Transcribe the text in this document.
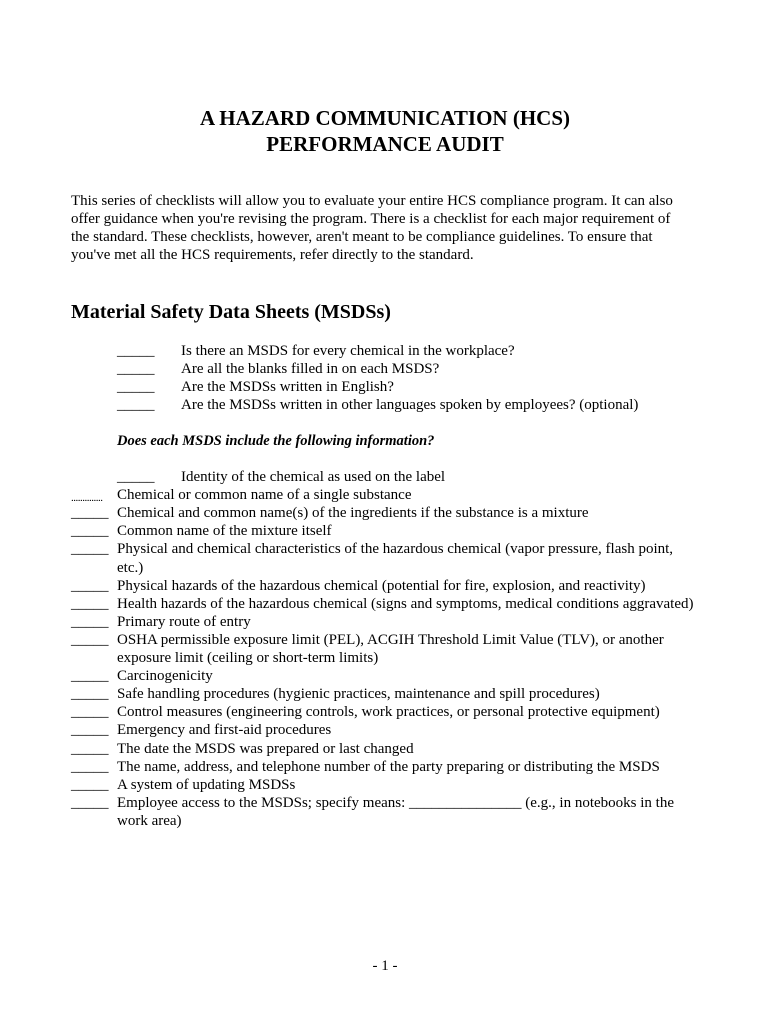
A HAZARD COMMUNICATION (HCS)
PERFORMANCE AUDIT

This series of checklists will allow you to evaluate your entire HCS compliance program. It can also
offer guidance when you're revising the program. There is a checklist for each major requirement of
the standard. These checklists, however, aren't meant to be compliance guidelines. To ensure that
you've met all the HCS requirements, refer directly to the standard.

Material Safety Data Sheets (MSDSs)
_____ Is there an MSDS for every chemical in the workplace?
_____ Are all the blanks filled in on each MSDS?
_____ Are the MSDSs written in English?
_____ Are the MSDSs written in other languages spoken by employees? (optional)
Does each MSDS include the following information?
_____ Identity of the chemical as used on the label
.............. Chemical or common name of a single substance
_____ Chemical and common name(s) of the ingredients if the substance is a mixture
_____ Common name of the mixture itself
_____ Physical and chemical characteristics of the hazardous chemical (vapor pressure, flash point,
etc.)
_____ Physical hazards of the hazardous chemical (potential for fire, explosion, and reactivity)
_____ Health hazards of the hazardous chemical (signs and symptoms, medical conditions aggravated)
_____ Primary route of entry
_____ OSHA permissible exposure limit (PEL), ACGIH Threshold Limit Value (TLV), or another
exposure limit (ceiling or short-term limits)
_____ Carcinogenicity
_____ Safe handling procedures (hygienic practices, maintenance and spill procedures)
_____ Control measures (engineering controls, work practices, or personal protective equipment)
_____ Emergency and first-aid procedures
_____ The date the MSDS was prepared or last changed
_____ The name, address, and telephone number of the party preparing or distributing the MSDS
_____ A system of updating MSDSs
_____ Employee access to the MSDSs; specify means: _______________ (e.g., in notebooks in the
work area)
- 1 -
